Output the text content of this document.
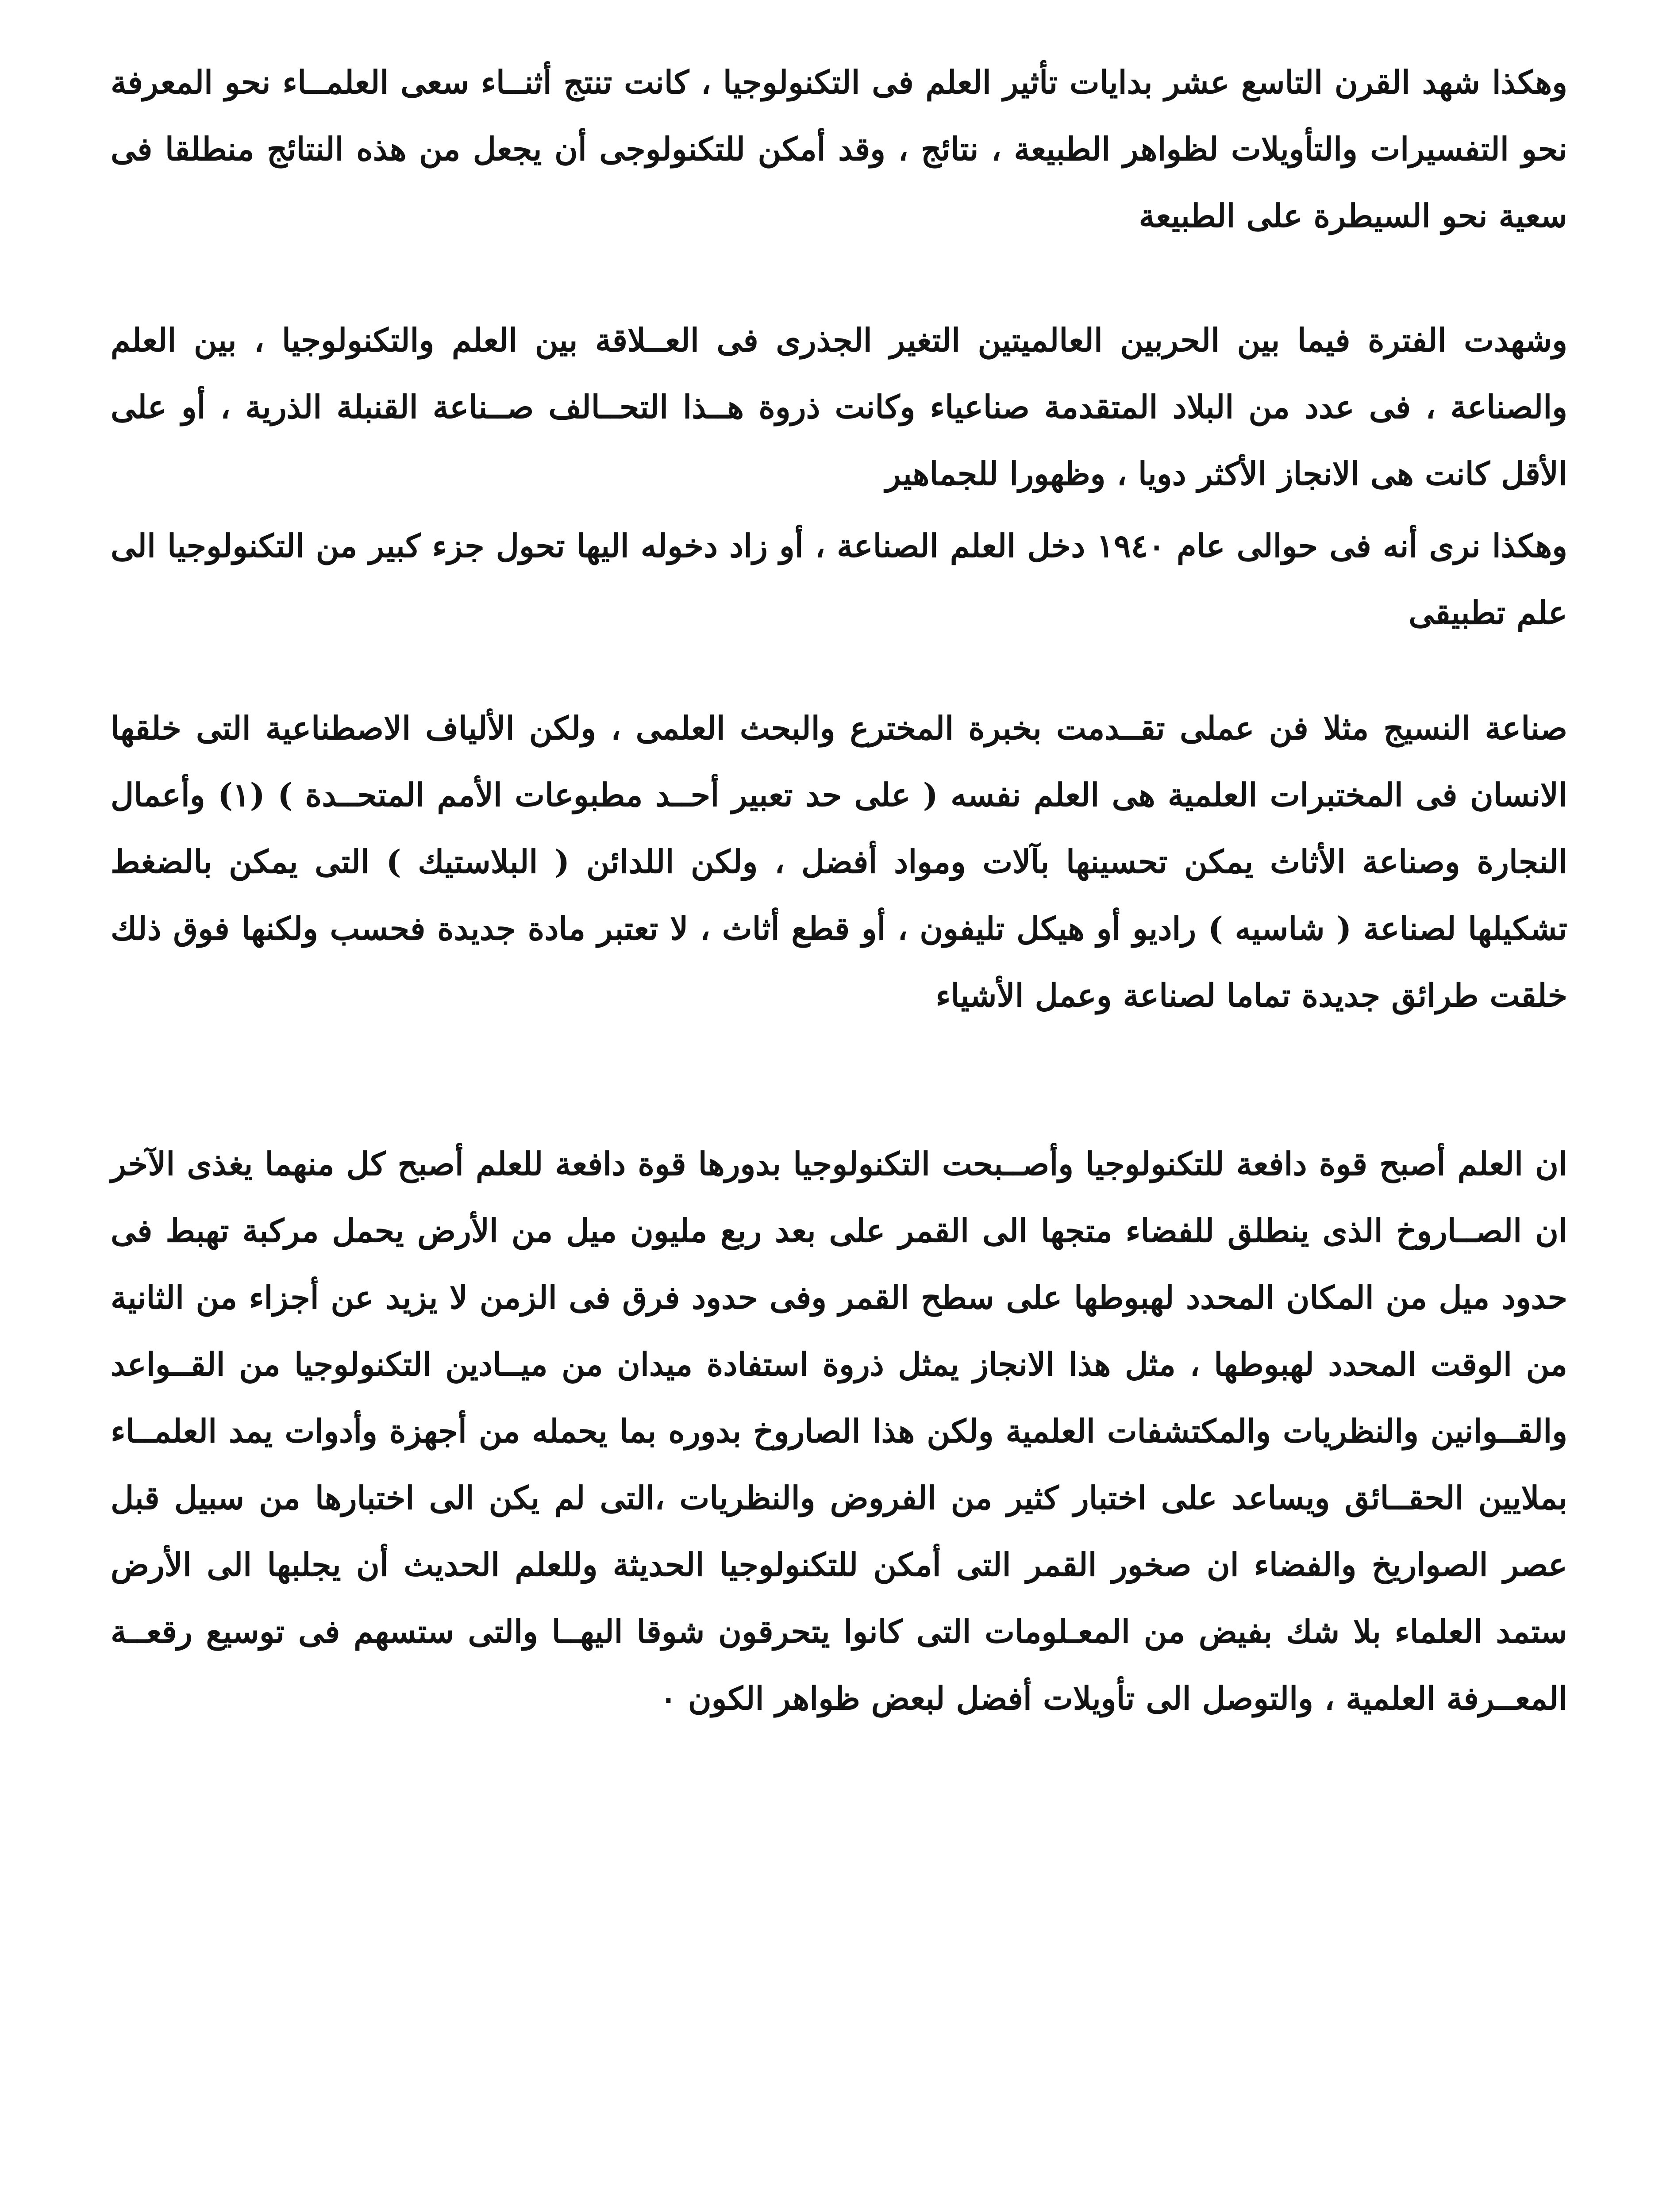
وهكذا شهد القرن التاسع عشر بدايات تأثير العلم فى التكنولوجيا ، كانت تنتج أثنــاء سعى العلمــاء نحو المعرفة نحو التفسيرات والتأويلات لظواهر الطبيعة ، نتائج ، وقد أمكن للتكنولوجى أن يجعل من هذه النتائج منطلقا فى سعية نحو السيطرة على الطبيعة

وشهدت الفترة فيما بين الحربين العالميتين التغير الجذرى فى العــلاقة بين العلم والتكنولوجيا ، بين العلم والصناعة ، فى عدد من البلاد المتقدمة صناعياء وكانت ذروة هــذا التحــالف صــناعة القنبلة الذرية ، أو على الأقل كانت هى الانجاز الأكثر دويا ، وظهورا للجماهير

وهكذا نرى أنه فى حوالى عام ١٩٤٠ دخل العلم الصناعة ، أو زاد دخوله اليها تحول جزء كبير من التكنولوجيا الى علم تطبيقى

صناعة النسيج مثلا فن عملى تقــدمت بخبرة المخترع والبحث العلمى ، ولكن الألياف الاصطناعية التى خلقها الانسان فى المختبرات العلمية هى العلم نفسه ( على حد تعبير أحــد مطبوعات الأمم المتحــدة ) (١) وأعمال النجارة وصناعة الأثاث يمكن تحسينها بآلات ومواد أفضل ، ولكن اللدائن ( البلاستيك ) التى يمكن بالضغط تشكيلها لصناعة ( شاسيه ) راديو أو هيكل تليفون ، أو قطع أثاث ، لا تعتبر مادة جديدة فحسب ولكنها فوق ذلك خلقت طرائق جديدة تماما لصناعة وعمل الأشياء

ان العلم أصبح قوة دافعة للتكنولوجيا وأصــبحت التكنولوجيا بدورها قوة دافعة للعلم أصبح كل منهما يغذى الآخر ان الصــاروخ الذى ينطلق للفضاء متجها الى القمر على بعد ربع مليون ميل من الأرض يحمل مركبة تهبط فى حدود ميل من المكان المحدد لهبوطها على سطح القمر وفى حدود فرق فى الزمن لا يزيد عن أجزاء من الثانية من الوقت المحدد لهبوطها ، مثل هذا الانجاز يمثل ذروة استفادة ميدان من ميــادين التكنولوجيا من القــواعد والقــوانين والنظريات والمكتشفات العلمية ولكن هذا الصاروخ بدوره بما يحمله من أجهزة وأدوات يمد العلمــاء بملايين الحقــائق ويساعد على اختبار كثير من الفروض والنظريات ،التى لم يكن الى اختبارها من سبيل قبل عصر الصواريخ والفضاء ان صخور القمر التى أمكن للتكنولوجيا الحديثة وللعلم الحديث أن يجلبها الى الأرض ستمد العلماء بلا شك بفيض من المعـلومات التى كانوا يتحرقون شوقا اليهــا والتى ستسهم فى توسيع رقعــة المعــرفة العلمية ، والتوصل الى تأويلات أفضل لبعض ظواهر الكون ٠
